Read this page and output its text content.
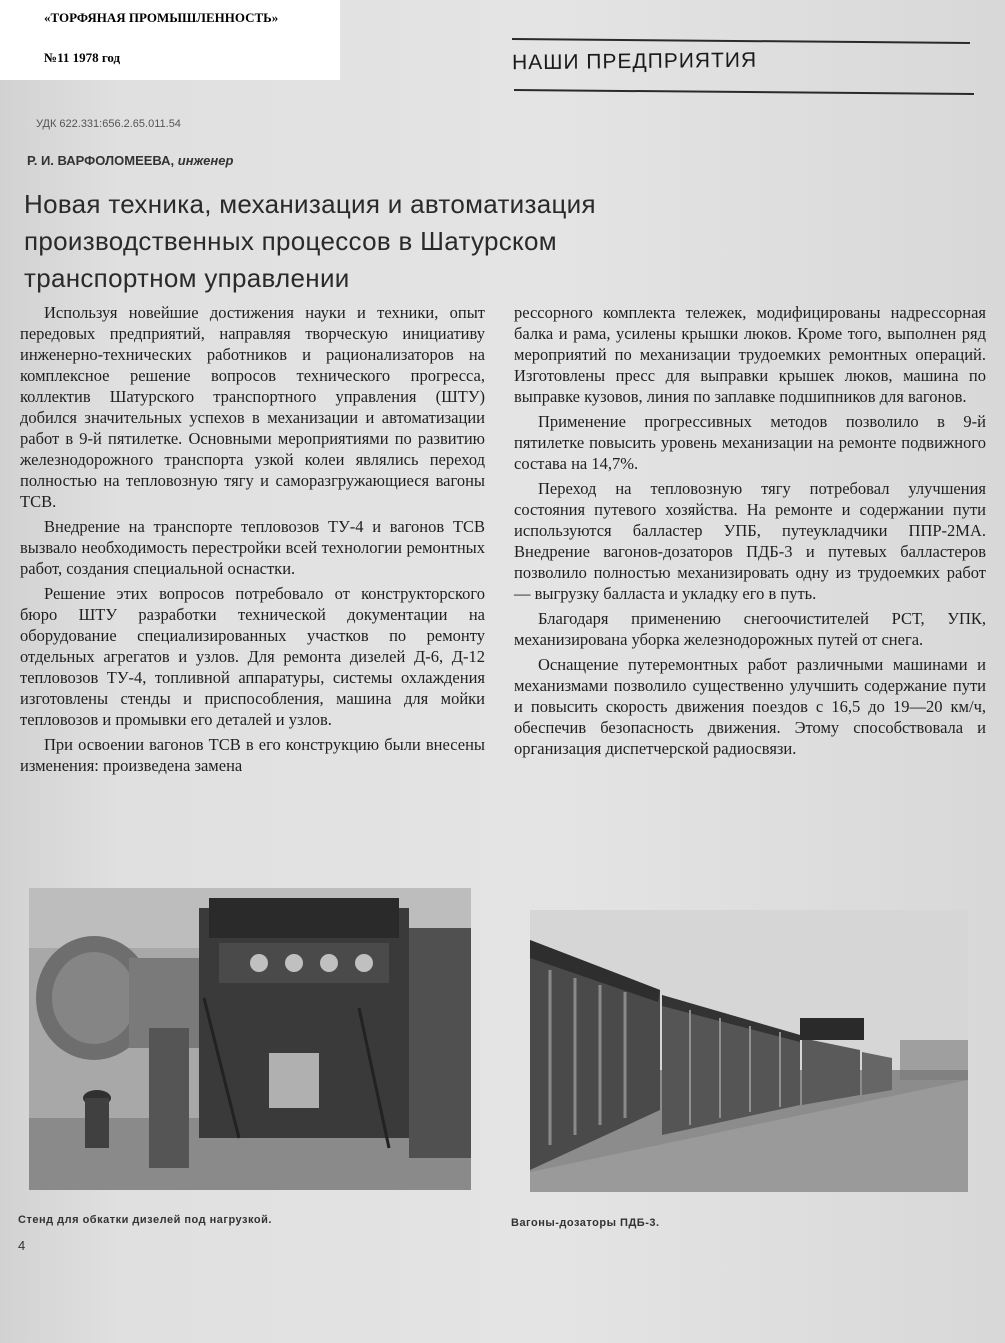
«ТОРФЯНАЯ ПРОМЫШЛЕННОСТЬ»
№11 1978 год	НАШИ ПРЕДПРИЯТИЯ
УДК 622.331:656.2.65.011.54
Р. И. ВАРФОЛОМЕЕВА, инженер
Новая техника, механизация и автоматизация
производственных процессов в Шатурском
транспортном управлении

Используя новейшие достижения науки и техники, опыт передовых предприятий, направляя творческую инициативу инженерно-технических работников и рационализаторов на комплексное решение вопросов технического прогресса, коллектив Шатурского транспортного управления (ШТУ) добился значительных успехов в механизации и автоматизации работ в 9-й пятилетке. Основными мероприятиями по развитию железнодорожного транспорта узкой колеи являлись переход полностью на тепловозную тягу и саморазгружающиеся вагоны ТСВ.

Внедрение на транспорте тепловозов ТУ-4 и вагонов ТСВ вызвало необходимость перестройки всей технологии ремонтных работ, создания специальной оснастки.

Решение этих вопросов потребовало от конструкторского бюро ШТУ разработки технической документации на оборудование специализированных участков по ремонту отдельных агрегатов и узлов. Для ремонта дизелей Д-6, Д-12 тепловозов ТУ-4, топливной аппаратуры, системы охлаждения изготовлены стенды и приспособления, машина для мойки тепловозов и промывки его деталей и узлов.

При освоении вагонов ТСВ в его конструкцию были внесены изменения: произведена замена

рессорного комплекта тележек, модифицированы надрессорная балка и рама, усилены крышки люков. Кроме того, выполнен ряд мероприятий по механизации трудоемких ремонтных операций. Изготовлены пресс для выправки крышек люков, машина по выправке кузовов, линия по заплавке подшипников для вагонов.

Применение прогрессивных методов позволило в 9-й пятилетке повысить уровень механизации на ремонте подвижного состава на 14,7%.

Переход на тепловозную тягу потребовал улучшения состояния путевого хозяйства. На ремонте и содержании пути используются балластер УПБ, путеукладчики ППР-2МА. Внедрение вагонов-дозаторов ПДБ-3 и путевых балластеров позволило полностью механизировать одну из трудоемких работ — выгрузку балласта и укладку его в путь.

Благодаря применению снегоочистителей РСТ, УПК, механизирована уборка железнодорожных путей от снега.

Оснащение путеремонтных работ различными машинами и механизмами позволило существенно улучшить содержание пути и повысить скорость движения поездов с 16,5 до 19—20 км/ч, обеспечив безопасность движения. Этому способствовала и организация диспетчерской радиосвязи.

Стенд для обкатки дизелей под нагрузкой.	Вагоны-дозаторы ПДБ-3.
4
